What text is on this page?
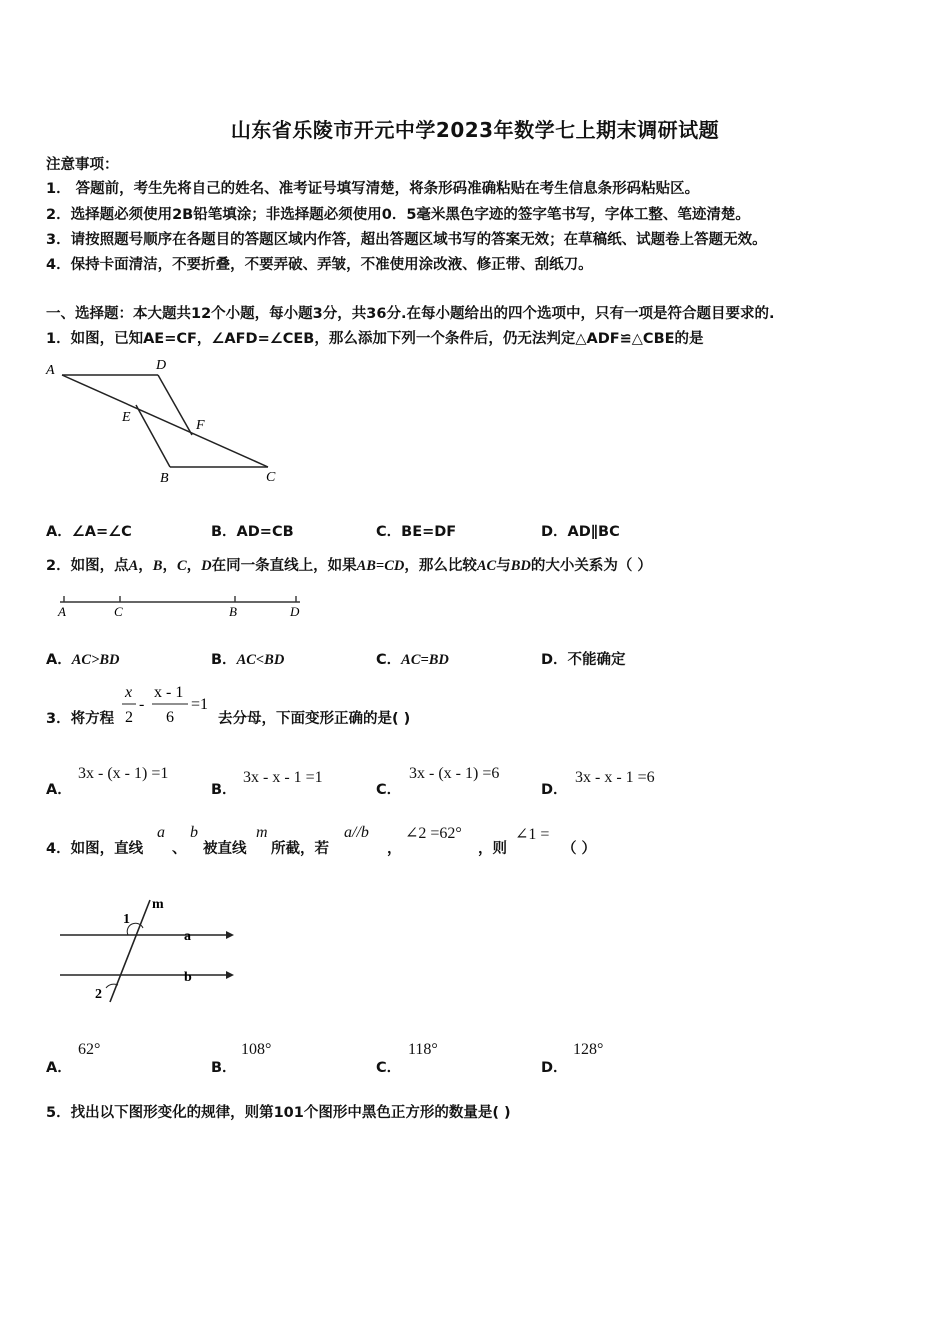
山东省乐陵市开元中学2023年数学七上期末调研试题
注意事项：
1． 答题前，考生先将自己的姓名、准考证号填写清楚，将条形码准确粘贴在考生信息条形码粘贴区。
2．选择题必须使用2B铅笔填涂；非选择题必须使用0．5毫米黑色字迹的签字笔书写，字体工整、笔迹清楚。
3．请按照题号顺序在各题目的答题区域内作答，超出答题区域书写的答案无效；在草稿纸、试题卷上答题无效。
4．保持卡面清洁，不要折叠，不要弄破、弄皱，不准使用涂改液、修正带、刮纸刀。
一、选择题：本大题共12个小题，每小题3分，共36分.在每小题给出的四个选项中，只有一项是符合题目要求的.
1．如图，已知AE=CF，∠AFD=∠CEB，那么添加下列一个条件后，仍无法判定△ADF≌△CBE的是
A	D
E
F
B	C
A．∠A=∠C	B．AD=CB	C．BE=DF	D．AD∥BC
2．如图，点A，B，C，D在同一条直线上，如果AB=CD，那么比较AC与BD的大小关系为（ ）
A	C	B	D
A．AC>BD	B．AC<BD	C．AC=BD	D．不能确定
3．将方程
x
2
-
x - 1
6
=1
去分母，下面变形正确的是( )
A．
3x - (x - 1) =1
B．
3x - x - 1 =1
C．
3x - (x - 1) =6
D．
3x - x - 1 =6
4．如图，直线
a
、
b
被直线
m
所截，若
a//b
，
∠2 =62°
，则
∠1 =
（ ）
m
1
a
b
2
A．
62°
B．
108°
C．
118°
D．
128°
5．找出以下图形变化的规律，则第101个图形中黑色正方形的数量是( )
